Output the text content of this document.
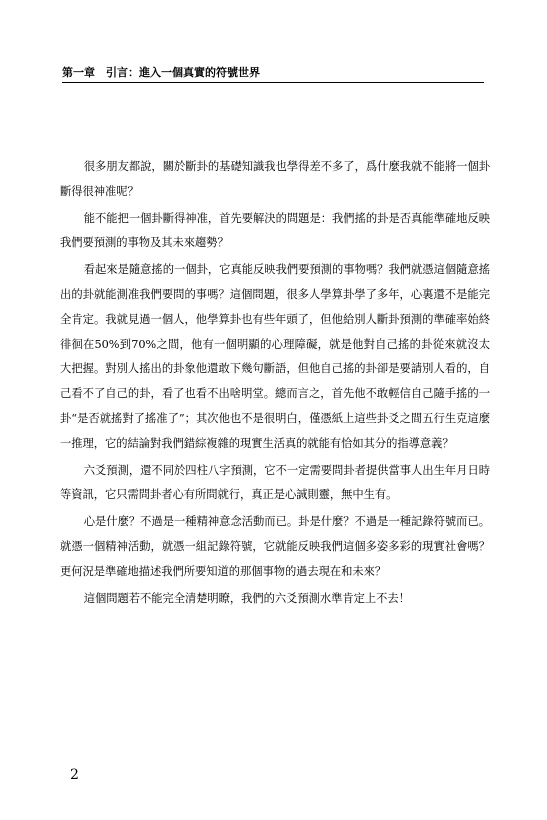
第一章　引言：進入一個真實的符號世界

很多朋友都說，關於斷卦的基礎知識我也學得差不多了，爲什麼我就不能將一個卦斷得很神准呢？

能不能把一個卦斷得神准，首先要解決的問題是：我們搖的卦是否真能準確地反映我們要預測的事物及其未來趨勢？

看起來是隨意搖的一個卦，它真能反映我們要預測的事物嗎？我們就憑這個隨意搖出的卦就能測准我們要問的事嗎？這個問題，很多人學算卦學了多年，心裏還不是能完全肯定。我就見過一個人，他學算卦也有些年頭了，但他給別人斷卦預測的準確率始終徘徊在50%到70%之間，他有一個明顯的心理障礙，就是他對自己搖的卦從來就沒太大把握。對別人搖出的卦象他還敢下幾句斷語，但他自己搖的卦卻是要請別人看的，自己看不了自己的卦，看了也看不出啥明堂。總而言之，首先他不敢輕信自己隨手搖的一卦“是否就搖對了搖准了”；其次他也不是很明白，僅憑紙上這些卦爻之間五行生克這麼一推理，它的結論對我們錯綜複雜的現實生活真的就能有恰如其分的指導意義？

六爻預測，還不同於四柱八字預測，它不一定需要問卦者提供當事人出生年月日時等資訊，它只需問卦者心有所問就行，真正是心誠則靈，無中生有。

心是什麼？不過是一種精神意念活動而已。卦是什麼？不過是一種記錄符號而已。就憑一個精神活動，就憑一組記錄符號，它就能反映我們這個多姿多彩的現實社會嗎？更何況是準確地描述我們所要知道的那個事物的過去現在和未來？

這個問題若不能完全清楚明瞭，我們的六爻預測水準肯定上不去！

2
